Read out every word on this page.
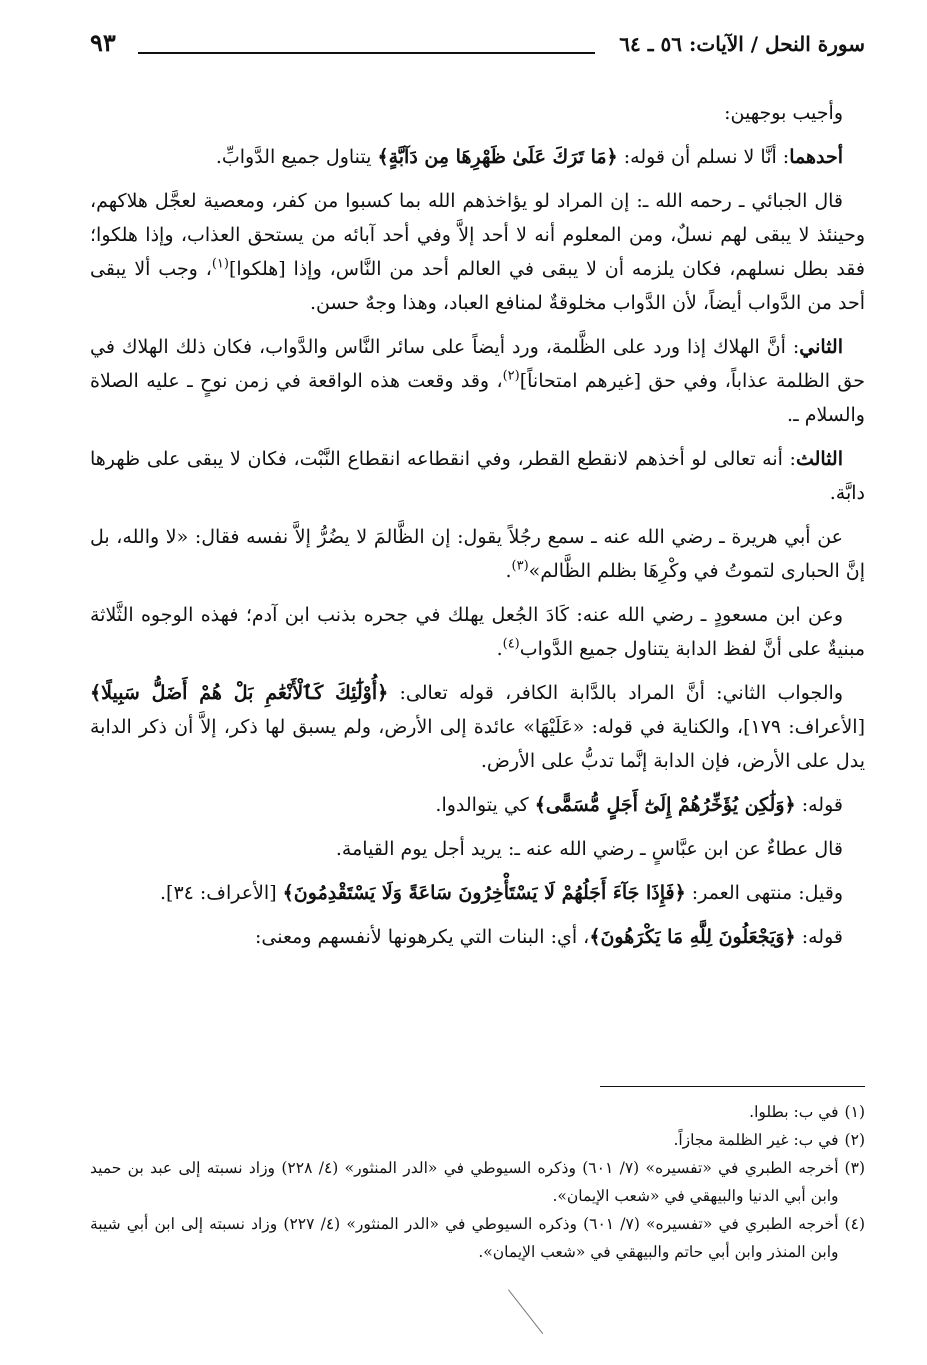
سورة النحل / الآيات: ٥٦ ـ ٦٤
٩٣

وأجيب بوجهين:

أحدهما: أنَّا لا نسلم أن قوله: ﴿مَا تَرَكَ عَلَىٰ ظَهْرِهَا مِن دَآبَّةٍ﴾ يتناول جميع الدَّوابِّ.

قال الجبائي ـ رحمه الله ـ: إن المراد لو يؤاخذهم الله بما كسبوا من كفر، ومعصية لعجَّل هلاكهم، وحينئذ لا يبقى لهم نسلٌ، ومن المعلوم أنه لا أحد إلاَّ وفي أحد آبائه من يستحق العذاب، وإذا هلكوا؛ فقد بطل نسلهم، فكان يلزمه أن لا يبقى في العالم أحد من النَّاس، وإذا [هلكوا]$^{(١)}$، وجب ألا يبقى أحد من الدَّواب أيضاً، لأن الدَّواب مخلوقةٌ لمنافع العباد، وهذا وجهٌ حسن.

الثاني: أنَّ الهلاك إذا ورد على الظَّلمة، ورد أيضاً على سائر النَّاس والدَّواب، فكان ذلك الهلاك في حق الظلمة عذاباً، وفي حق [غيرهم امتحاناً]$^{(٢)}$، وقد وقعت هذه الواقعة في زمن نوحٍ ـ عليه الصلاة والسلام ـ.

الثالث: أنه تعالى لو أخذهم لانقطع القطر، وفي انقطاعه انقطاع النَّبْت، فكان لا يبقى على ظهرها دابَّة.

عن أبي هريرة ـ رضي الله عنه ـ سمع رجُلاً يقول: إن الظَّالمَ لا يضُرُّ إلاَّ نفسه فقال: «لا والله، بل إنَّ الحبارى لتموتُ في وكْرِهَا بظلم الظَّالم»$^{(٣)}$.

وعن ابن مسعودٍ ـ رضي الله عنه: كَادَ الجُعل يهلك في جحره بذنب ابن آدم؛ فهذه الوجوه الثَّلاثة مبنيةٌ على أنَّ لفظ الدابة يتناول جميع الدَّواب$^{(٤)}$.

والجواب الثاني: أنَّ المراد بالدَّابة الكافر، قوله تعالى: ﴿أُوْلَٰٓئِكَ كَٱلْأَنْعَٰمِ بَلْ هُمْ أَضَلُّ سَبِيلًا﴾ [الأعراف: ١٧٩]، والكناية في قوله: «عَلَيْهَا» عائدة إلى الأرض، ولم يسبق لها ذكر، إلاَّ أن ذكر الدابة يدل على الأرض، فإن الدابة إنَّما تدبُّ على الأرض.

قوله: ﴿وَلَٰكِن يُؤَخِّرُهُمْ إِلَىٰٓ أَجَلٍ مُّسَمًّى﴾ كي يتوالدوا.

قال عطاءٌ عن ابن عبَّاسٍ ـ رضي الله عنه ـ: يريد أجل يوم القيامة.

وقيل: منتهى العمر: ﴿فَإِذَا جَآءَ أَجَلُهُمْ لَا يَسْتَأْخِرُونَ سَاعَةً وَلَا يَسْتَقْدِمُونَ﴾ [الأعراف: ٣٤].

قوله: ﴿وَيَجْعَلُونَ لِلَّهِ مَا يَكْرَهُونَ﴾، أي: البنات التي يكرهونها لأنفسهم ومعنى:

(١)
في ب: بطلوا.
(٢)
في ب: غير الظلمة مجازاً.
(٣)
أخرجه الطبري في «تفسيره» (٧/ ٦٠١) وذكره السيوطي في «الدر المنثور» (٤/ ٢٢٨) وزاد نسبته إلى عبد بن حميد وابن أبي الدنيا والبيهقي في «شعب الإيمان».
(٤)
أخرجه الطبري في «تفسيره» (٧/ ٦٠١) وذكره السيوطي في «الدر المنثور» (٤/ ٢٢٧) وزاد نسبته إلى ابن أبي شيبة وابن المنذر وابن أبي حاتم والبيهقي في «شعب الإيمان».
